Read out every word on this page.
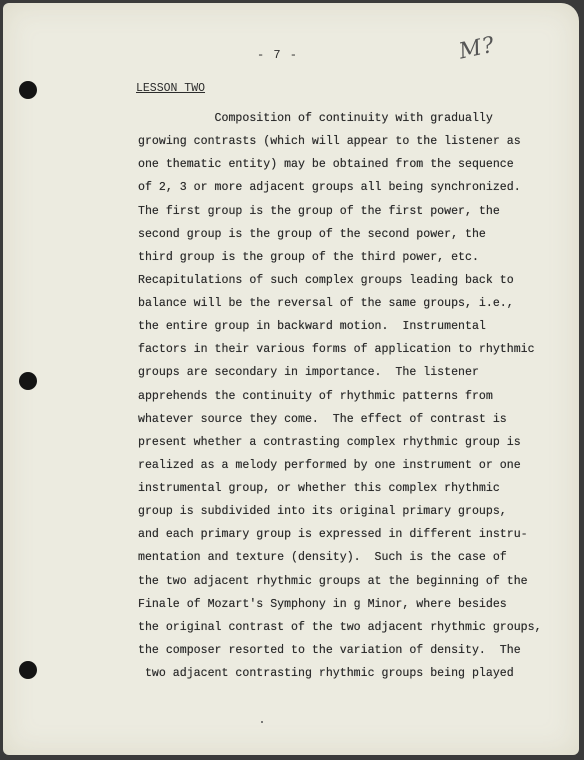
- 7 -	M?
LESSON TWO
Composition of continuity with gradually
growing contrasts (which will appear to the listener as
one thematic entity) may be obtained from the sequence
of 2, 3 or more adjacent groups all being synchronized.
The first group is the group of the first power, the
second group is the group of the second power, the
third group is the group of the third power, etc.
Recapitulations of such complex groups leading back to
balance will be the reversal of the same groups, i.e.,
the entire group in backward motion.  Instrumental
factors in their various forms of application to rhythmic
groups are secondary in importance.  The listener
apprehends the continuity of rhythmic patterns from
whatever source they come.  The effect of contrast is
present whether a contrasting complex rhythmic group is
realized as a melody performed by one instrument or one
instrumental group, or whether this complex rhythmic
group is subdivided into its original primary groups,
and each primary group is expressed in different instru-
mentation and texture (density).  Such is the case of
the two adjacent rhythmic groups at the beginning of the
Finale of Mozart's Symphony in g Minor, where besides
the original contrast of the two adjacent rhythmic groups,
the composer resorted to the variation of density.  The
two adjacent contrasting rhythmic groups being played
